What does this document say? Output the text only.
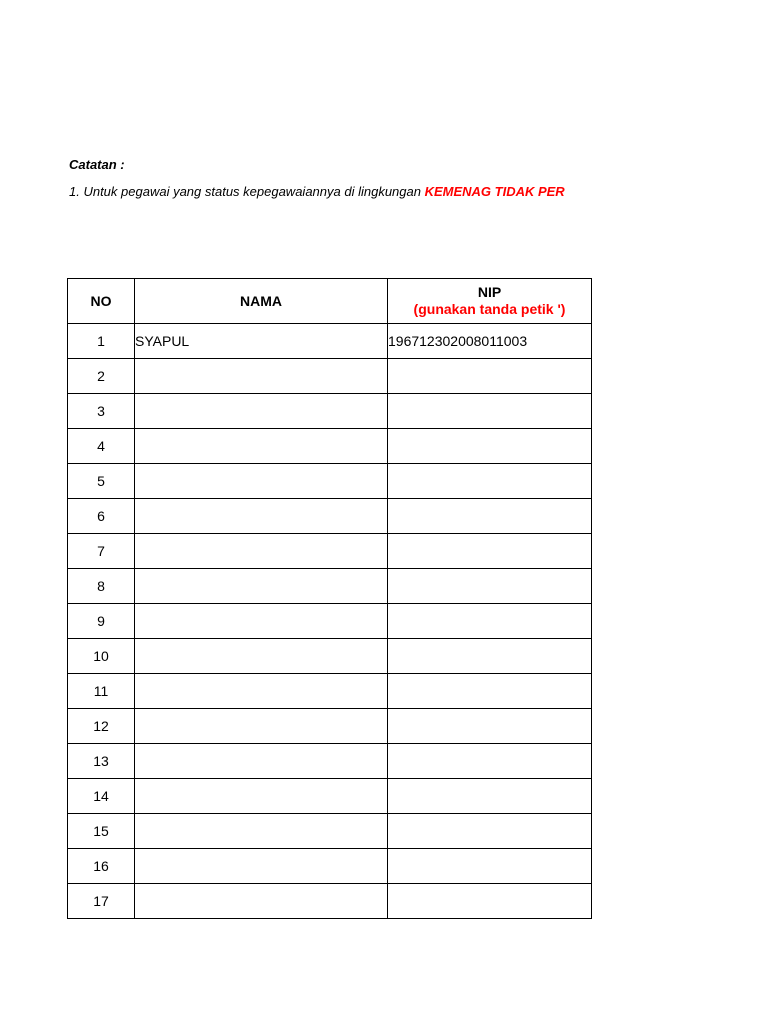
Catatan :
1. Untuk pegawai yang status kepegawaiannya di lingkungan KEMENAG TIDAK PER
NO	NAMA	NIP
(gunakan tanda petik ')

1	SYAPUL	196712302008011003
2		
3		
4		
5		
6		
7		
8		
9		
10		
11		
12		
13		
14		
15		
16		
17		
